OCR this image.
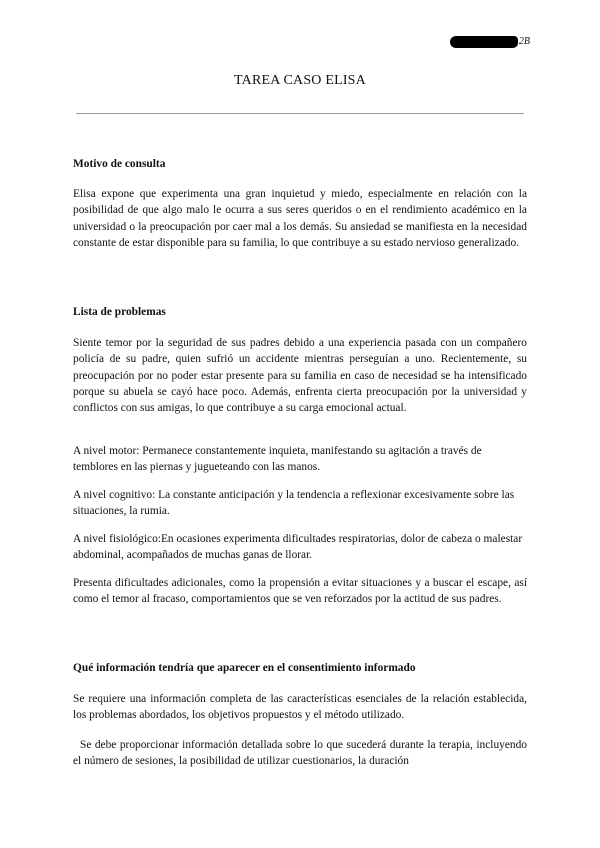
2B
TAREA CASO ELISA
Motivo de consulta

Elisa expone que experimenta una gran inquietud y miedo, especialmente en relación con la posibilidad de que algo malo le ocurra a sus seres queridos o en el rendimiento académico en la universidad o la preocupación por caer mal a los demás. Su ansiedad se manifiesta en la necesidad constante de estar disponible para su familia, lo que contribuye a su estado nervioso generalizado.

Lista de problemas

Siente temor por la seguridad de sus padres debido a una experiencia pasada con un compañero policía de su padre, quien sufrió un accidente mientras perseguían a uno. Recientemente, su preocupación por no poder estar presente para su familia en caso de necesidad se ha intensificado porque su abuela se cayó hace poco. Además, enfrenta cierta preocupación por la universidad y conflictos con sus amigas, lo que contribuye a su carga emocional actual.

A nivel motor: Permanece constantemente inquieta, manifestando su agitación a través de temblores en las piernas y jugueteando con las manos.

A nivel cognitivo: La constante anticipación y la tendencia a reflexionar excesivamente sobre las situaciones, la rumia.

A nivel fisiológico:En ocasiones experimenta dificultades respiratorias, dolor de cabeza o malestar abdominal, acompañados de muchas ganas de llorar.

Presenta dificultades adicionales, como la propensión a evitar situaciones y a buscar el escape, así como el temor al fracaso, comportamientos que se ven reforzados por la actitud de sus padres.

Qué información tendría que aparecer en el consentimiento informado

Se requiere una información completa de las características esenciales de la relación establecida, los problemas abordados, los objetivos propuestos y el método utilizado.

Se debe proporcionar información detallada sobre lo que sucederá durante la terapia, incluyendo el número de sesiones, la posibilidad de utilizar cuestionarios, la duración
